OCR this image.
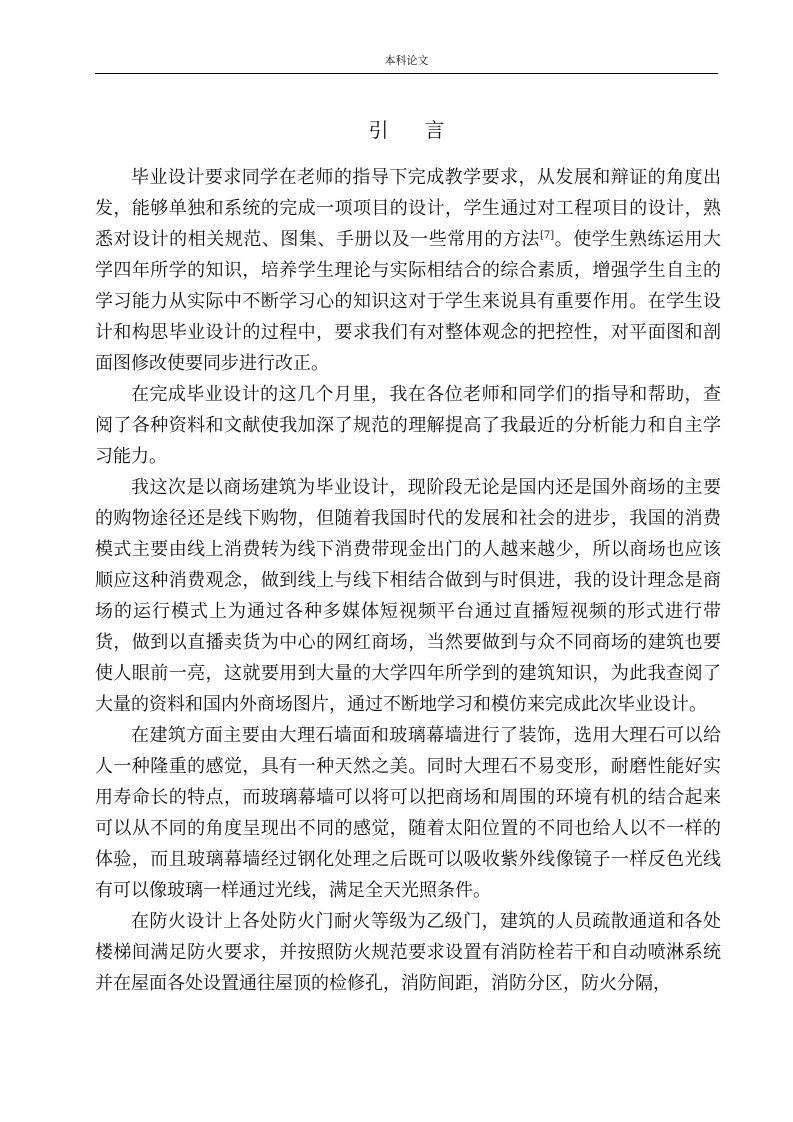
本科论文
引 言

毕业设计要求同学在老师的指导下完成教学要求，从发展和辩证的角度出发，能够单独和系统的完成一项项目的设计，学生通过对工程项目的设计，熟悉对设计的相关规范、图集、手册以及一些常用的方法[7]。使学生熟练运用大学四年所学的知识，培养学生理论与实际相结合的综合素质，增强学生自主的学习能力从实际中不断学习心的知识这对于学生来说具有重要作用。在学生设计和构思毕业设计的过程中，要求我们有对整体观念的把控性，对平面图和剖面图修改使要同步进行改正。

在完成毕业设计的这几个月里，我在各位老师和同学们的指导和帮助，查阅了各种资料和文献使我加深了规范的理解提高了我最近的分析能力和自主学习能力。

我这次是以商场建筑为毕业设计，现阶段无论是国内还是国外商场的主要的购物途径还是线下购物，但随着我国时代的发展和社会的进步，我国的消费模式主要由线上消费转为线下消费带现金出门的人越来越少，所以商场也应该顺应这种消费观念，做到线上与线下相结合做到与时俱进，我的设计理念是商场的运行模式上为通过各种多媒体短视频平台通过直播短视频的形式进行带货，做到以直播卖货为中心的网红商场，当然要做到与众不同商场的建筑也要使人眼前一亮，这就要用到大量的大学四年所学到的建筑知识，为此我查阅了大量的资料和国内外商场图片，通过不断地学习和模仿来完成此次毕业设计。

在建筑方面主要由大理石墙面和玻璃幕墙进行了装饰，选用大理石可以给人一种隆重的感觉，具有一种天然之美。同时大理石不易变形，耐磨性能好实用寿命长的特点，而玻璃幕墙可以将可以把商场和周围的环境有机的结合起来可以从不同的角度呈现出不同的感觉，随着太阳位置的不同也给人以不一样的体验，而且玻璃幕墙经过钢化处理之后既可以吸收紫外线像镜子一样反色光线有可以像玻璃一样通过光线，满足全天光照条件。

在防火设计上各处防火门耐火等级为乙级门，建筑的人员疏散通道和各处楼梯间满足防火要求，并按照防火规范要求设置有消防栓若干和自动喷淋系统并在屋面各处设置通往屋顶的检修孔，消防间距，消防分区，防火分隔，
